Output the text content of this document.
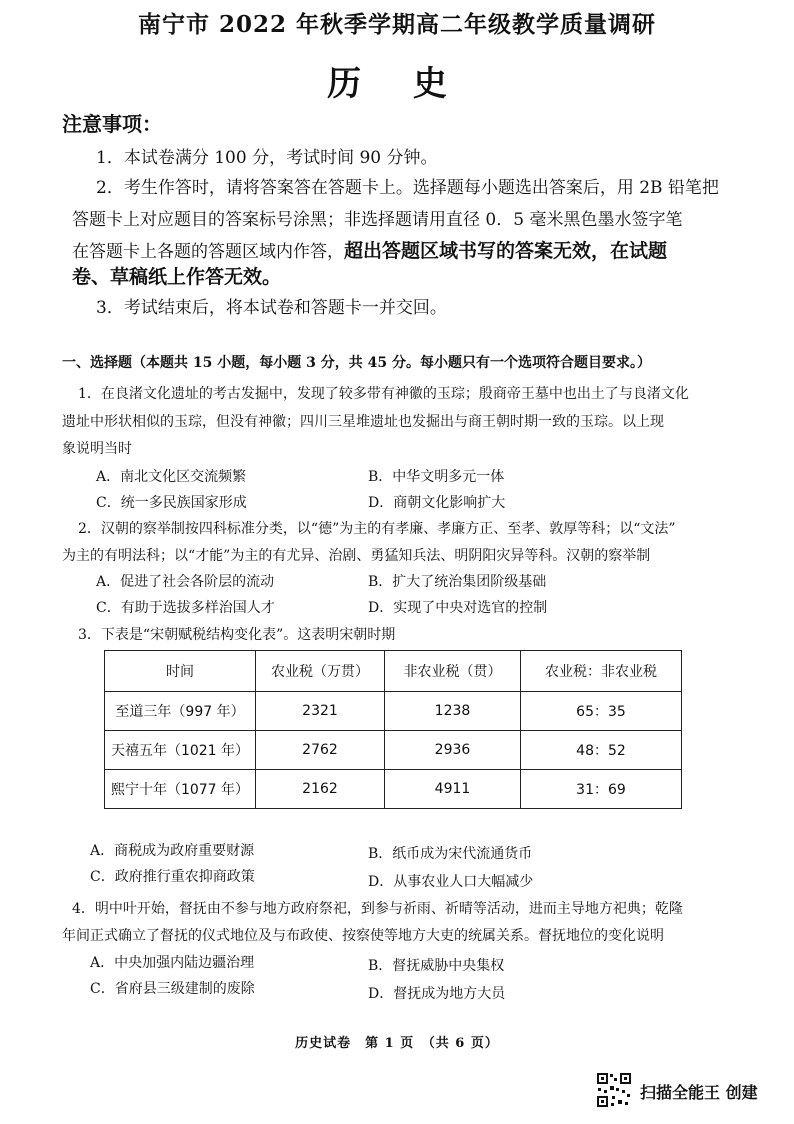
南宁市 2022 年秋季学期高二年级教学质量调研
历 史
注意事项：
1．本试卷满分 100 分，考试时间 90 分钟。
2．考生作答时，请将答案答在答题卡上。选择题每小题选出答案后，用 2B 铅笔把
答题卡上对应题目的答案标号涂黑；非选择题请用直径 0．5 毫米黑色墨水签字笔
在答题卡上各题的答题区域内作答，超出答题区域书写的答案无效，在试题
卷、草稿纸上作答无效。
3．考试结束后，将本试卷和答题卡一并交回。
一、选择题（本题共 15 小题，每小题 3 分，共 45 分。每小题只有一个选项符合题目要求。）
1．在良渚文化遗址的考古发掘中，发现了较多带有神徽的玉琮；殷商帝王墓中也出土了与良渚文化
遗址中形状相似的玉琮，但没有神徽；四川三星堆遗址也发掘出与商王朝时期一致的玉琮。以上现
象说明当时
A．南北文化区交流频繁	B．中华文明多元一体
C．统一多民族国家形成	D．商朝文化影响扩大
2．汉朝的察举制按四科标准分类，以“德”为主的有孝廉、孝廉方正、至孝、敦厚等科；以“文法”
为主的有明法科；以“才能”为主的有尤异、治剧、勇猛知兵法、明阴阳灾异等科。汉朝的察举制
A．促进了社会各阶层的流动	B．扩大了统治集团阶级基础
C．有助于选拔多样治国人才	D．实现了中央对选官的控制
3．下表是“宋朝赋税结构变化表”。这表明宋朝时期
时间	农业税（万贯）	非农业税（贯）	农业税：非农业税
至道三年（997 年）	2321	1238	65：35
天禧五年（1021 年）	2762	2936	48：52
熙宁十年（1077 年）	2162	4911	31：69
A．商税成为政府重要财源	B．纸币成为宋代流通货币
C．政府推行重农抑商政策	D．从事农业人口大幅减少
4．明中叶开始，督抚由不参与地方政府祭祀，到参与祈雨、祈晴等活动，进而主导地方祀典；乾隆
年间正式确立了督抚的仪式地位及与布政使、按察使等地方大吏的统属关系。督抚地位的变化说明
A．中央加强内陆边疆治理	B．督抚威胁中央集权
C．省府县三级建制的废除	D．督抚成为地方大员
历史试卷　第 1 页　（共 6 页）
扫描全能王 创建
